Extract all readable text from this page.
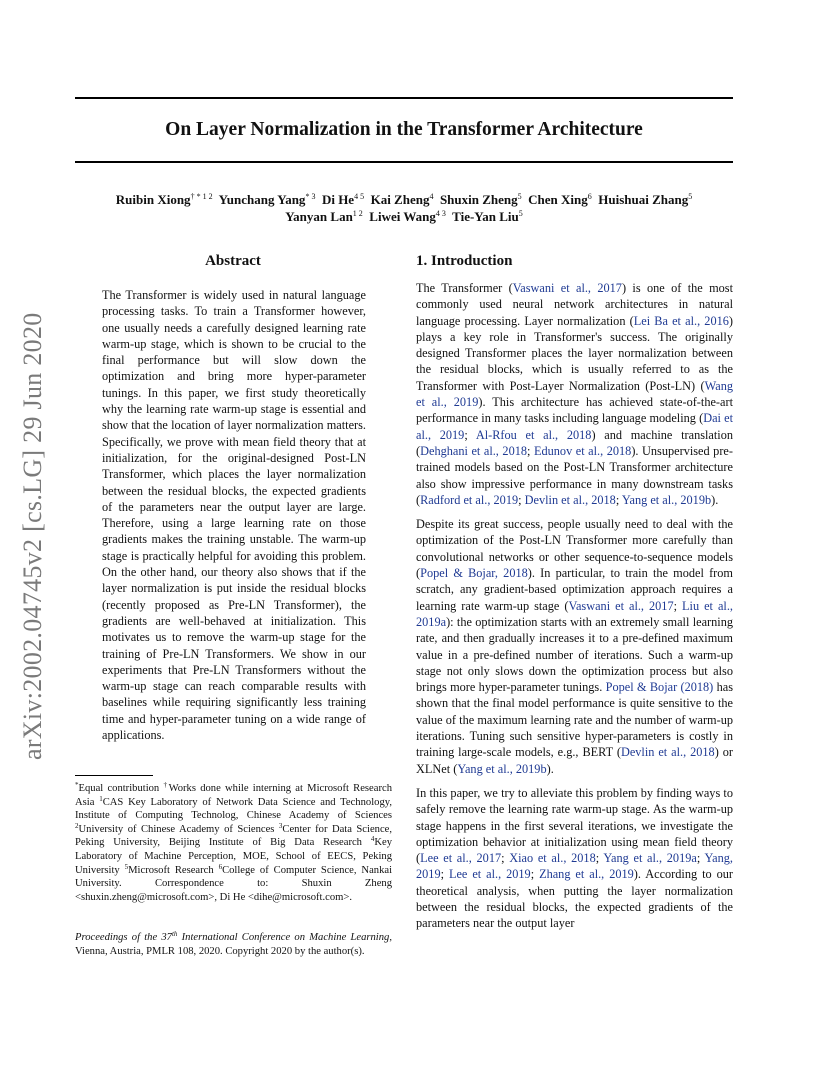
On Layer Normalization in the Transformer Architecture
Ruibin Xiong$^{\dagger * 1 2}$ Yunchang Yang$^{* 3}$ Di $He^{4 5}$ Kai Zheng$^4$ Shuxin Zheng$^5$ Chen Xing$^6$ Huishuai Zhang$^5$
Yanyan Lan$^{1 2}$ Liwei Wang$^{4 3}$ Tie-Yan Liu$^5$
arXiv:2002.04745v2 [cs.LG] 29 Jun 2020
Abstract

The Transformer is widely used in natural language processing tasks. To train a Transformer however, one usually needs a carefully designed learning rate warm-up stage, which is shown to be crucial to the final performance but will slow down the optimization and bring more hyper-parameter tunings. In this paper, we first study theoretically why the learning rate warm-up stage is essential and show that the location of layer normalization matters. Specifically, we prove with mean field theory that at initialization, for the original-designed Post-LN Transformer, which places the layer normalization between the residual blocks, the expected gradients of the parameters near the output layer are large. Therefore, using a large learning rate on those gradients makes the training unstable. The warm-up stage is practically helpful for avoiding this problem. On the other hand, our theory also shows that if the layer normalization is put inside the residual blocks (recently proposed as Pre-LN Transformer), the gradients are well-behaved at initialization. This motivates us to remove the warm-up stage for the training of Pre-LN Transformers. We show in our experiments that Pre-LN Transformers without the warm-up stage can reach comparable results with baselines while requiring significantly less training time and hyper-parameter tuning on a wide range of applications.

*Equal contribution †Works done while interning at Microsoft Research Asia $^1$CAS Key Laboratory of Network Data Science and Technology, Institute of Computing Technolog, Chinese Academy of Sciences $^2$University of Chinese Academy of Sciences $^3$Center for Data Science, Peking University, Beijing Institute of Big Data Research $^4$Key Laboratory of Machine Perception, MOE, School of EECS, Peking University $^5$Microsoft Research $^6$College of Computer Science, Nankai University. Correspondence to: Shuxin Zheng <shuxin.zheng@microsoft.com>, Di He <dihe@microsoft.com>.

Proceedings of the 37th International Conference on Machine Learning, Vienna, Austria, PMLR 108, 2020. Copyright 2020 by the author(s).

1. Introduction

The Transformer (Vaswani et al., 2017) is one of the most commonly used neural network architectures in natural language processing. Layer normalization (Lei Ba et al., 2016) plays a key role in Transformer's success. The originally designed Transformer places the layer normalization between the residual blocks, which is usually referred to as the Transformer with Post-Layer Normalization (Post-LN) (Wang et al., 2019). This architecture has achieved state-of-the-art performance in many tasks including language modeling (Dai et al., 2019; Al-Rfou et al., 2018) and machine translation (Dehghani et al., 2018; Edunov et al., 2018). Unsupervised pre-trained models based on the Post-LN Transformer architecture also show impressive performance in many downstream tasks (Radford et al., 2019; Devlin et al., 2018; Yang et al., 2019b).

Despite its great success, people usually need to deal with the optimization of the Post-LN Transformer more carefully than convolutional networks or other sequence-to-sequence models (Popel & Bojar, 2018). In particular, to train the model from scratch, any gradient-based optimization approach requires a learning rate warm-up stage (Vaswani et al., 2017; Liu et al., 2019a): the optimization starts with an extremely small learning rate, and then gradually increases it to a pre-defined maximum value in a pre-defined number of iterations. Such a warm-up stage not only slows down the optimization process but also brings more hyper-parameter tunings. Popel & Bojar (2018) has shown that the final model performance is quite sensitive to the value of the maximum learning rate and the number of warm-up iterations. Tuning such sensitive hyper-parameters is costly in training large-scale models, e.g., BERT (Devlin et al., 2018) or XLNet (Yang et al., 2019b).

In this paper, we try to alleviate this problem by finding ways to safely remove the learning rate warm-up stage. As the warm-up stage happens in the first several iterations, we investigate the optimization behavior at initialization using mean field theory (Lee et al., 2017; Xiao et al., 2018; Yang et al., 2019a; Yang, 2019; Lee et al., 2019; Zhang et al., 2019). According to our theoretical analysis, when putting the layer normalization between the residual blocks, the expected gradients of the parameters near the output layer
